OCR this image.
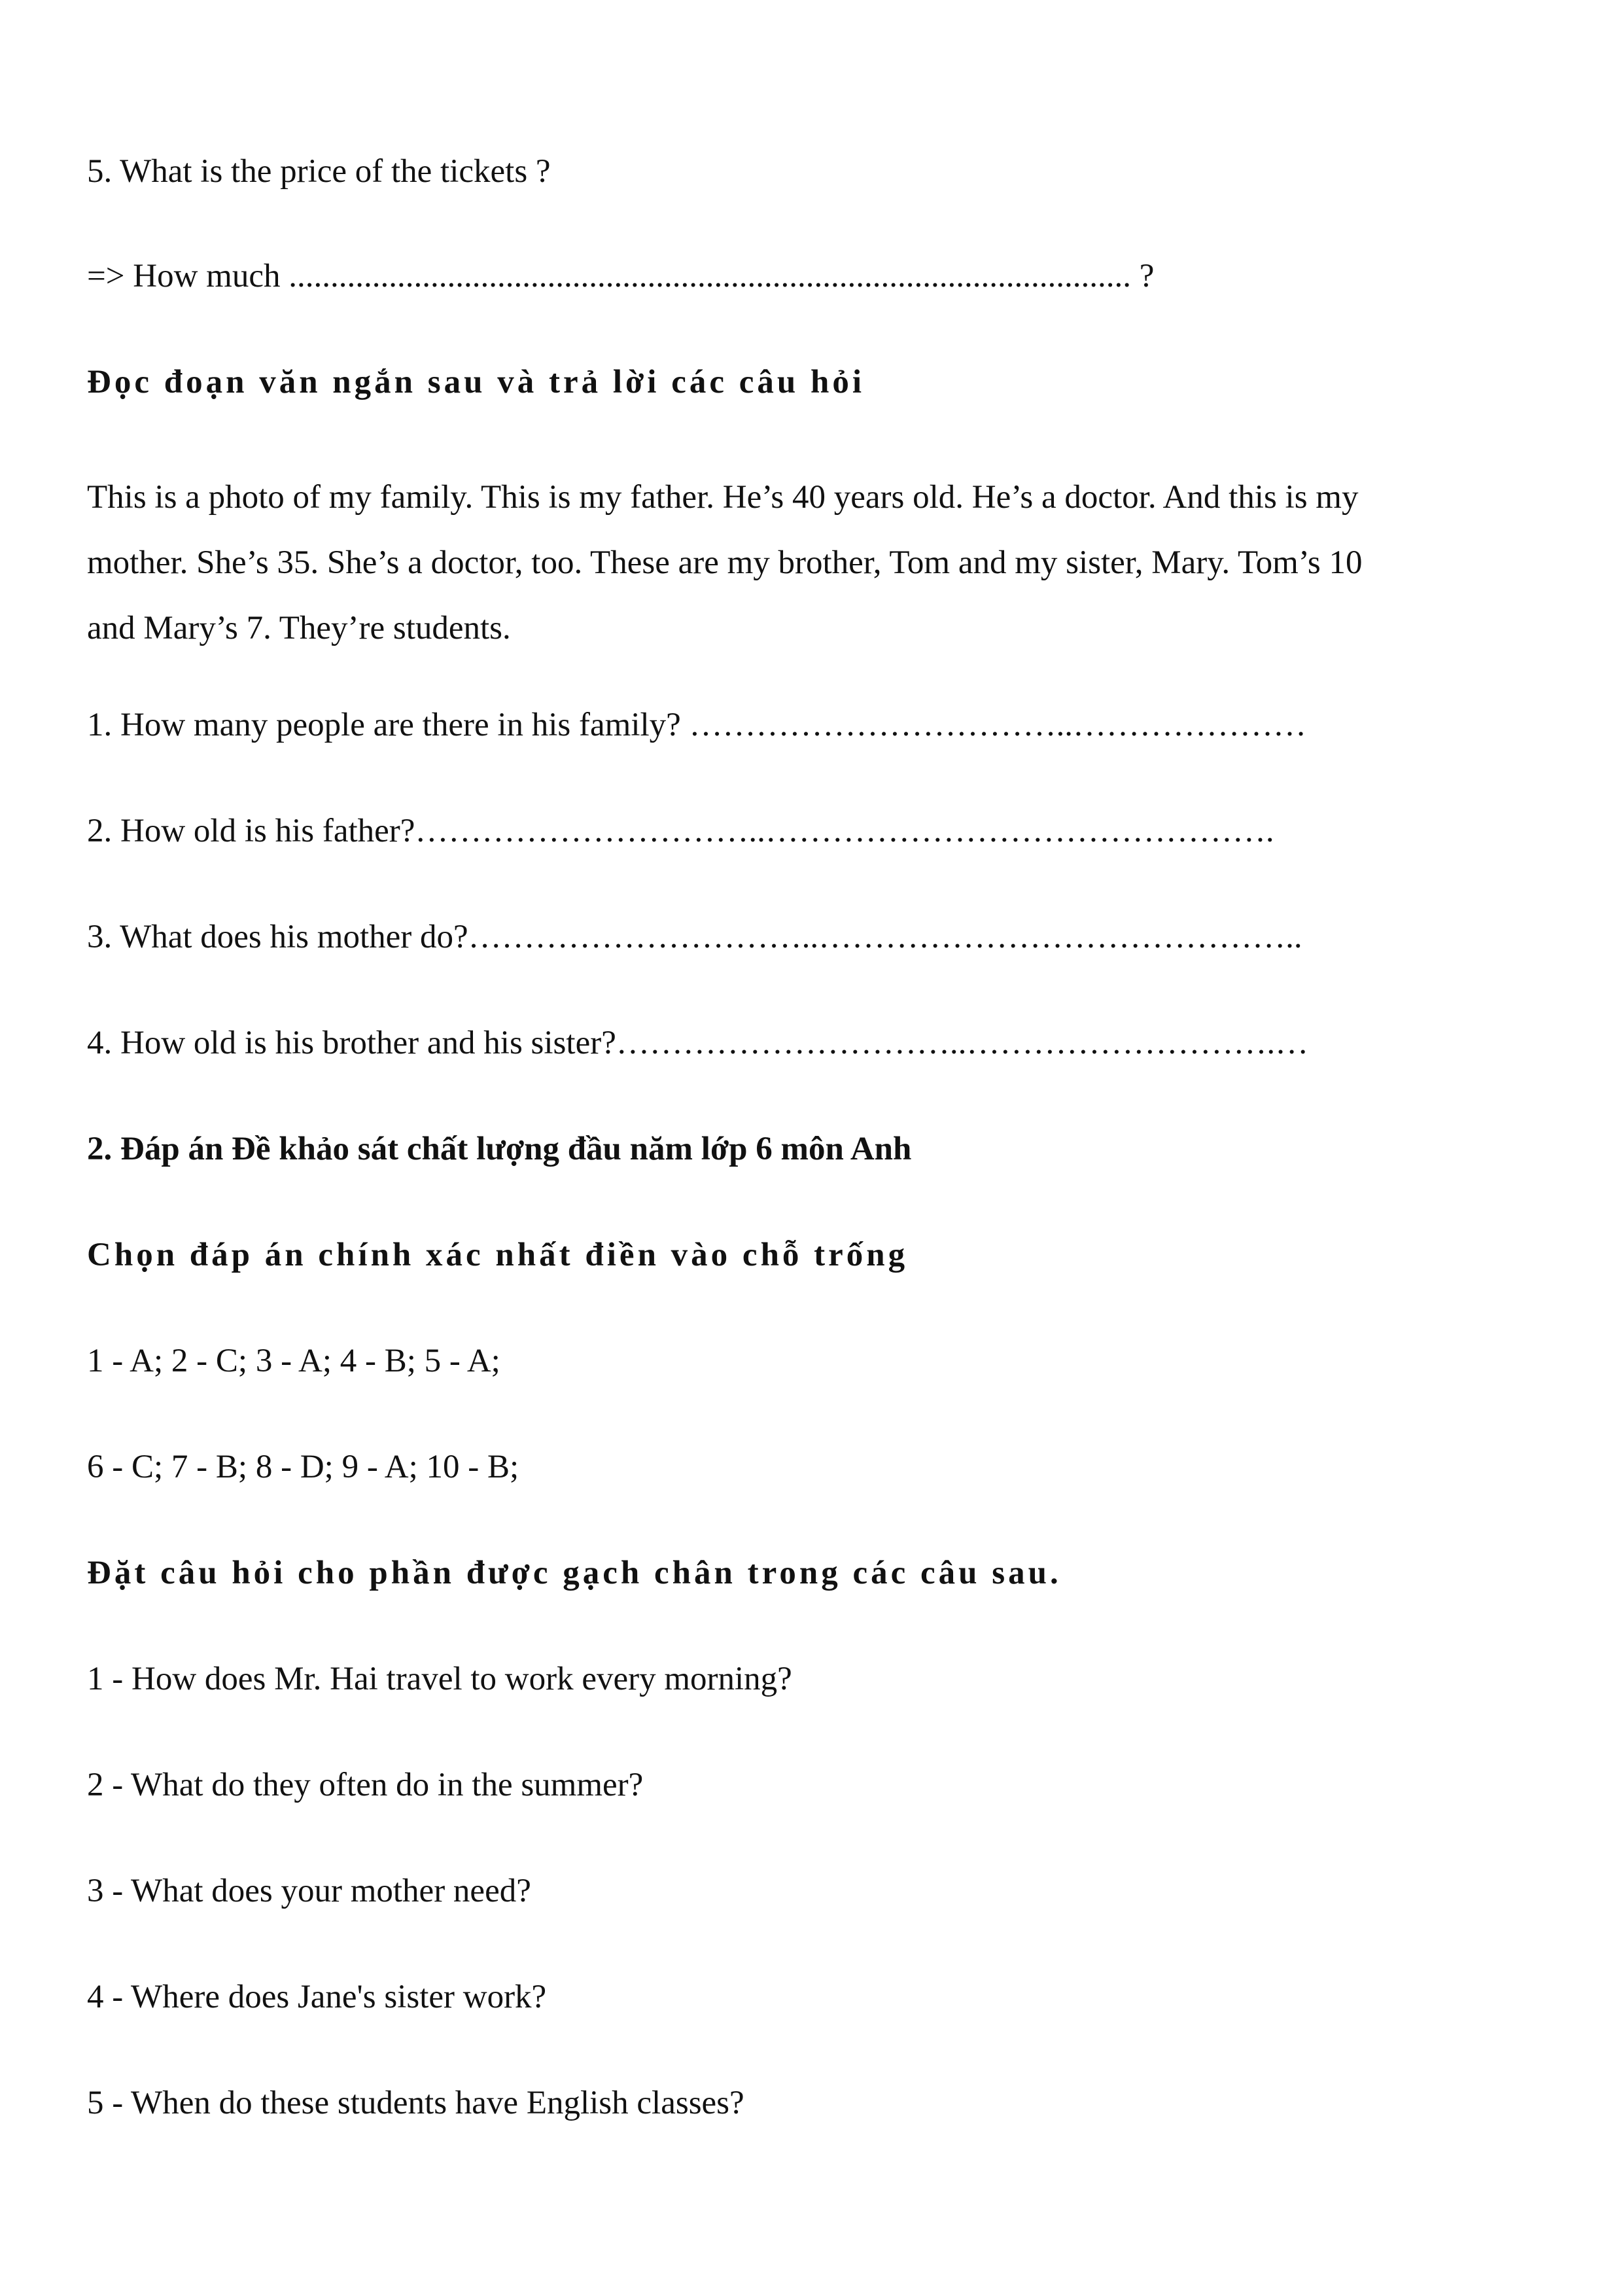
5. What is the price of the tickets ?
=> How much ..................................................................................................... ?
Đọc đoạn văn ngắn sau và trả lời các câu hỏi
This is a photo of my family. This is my father. He’s 40 years old. He’s a doctor. And this is my
mother. She’s 35. She’s a doctor, too. These are my brother, Tom and my sister, Mary. Tom’s 10
and Mary’s 7. They’re students.
1. How many people are there in his family? ……………………………..…………………
2. How old is his father?…………………………..……………………………………….
3. What does his mother do?…………………………..……………………………………..
4. How old is his brother and his sister?…………………………..……………………….…
2. Đáp án Đề khảo sát chất lượng đầu năm lớp 6 môn Anh
Chọn đáp án chính xác nhất điền vào chỗ trống
1 - A; 2 - C; 3 - A; 4 - B; 5 - A;
6 - C; 7 - B; 8 - D; 9 - A; 10 - B;
Đặt câu hỏi cho phần được gạch chân trong các câu sau.
1 - How does Mr. Hai travel to work every morning?
2 - What do they often do in the summer?
3 - What does your mother need?
4 - Where does Jane's sister work?
5 - When do these students have English classes?
